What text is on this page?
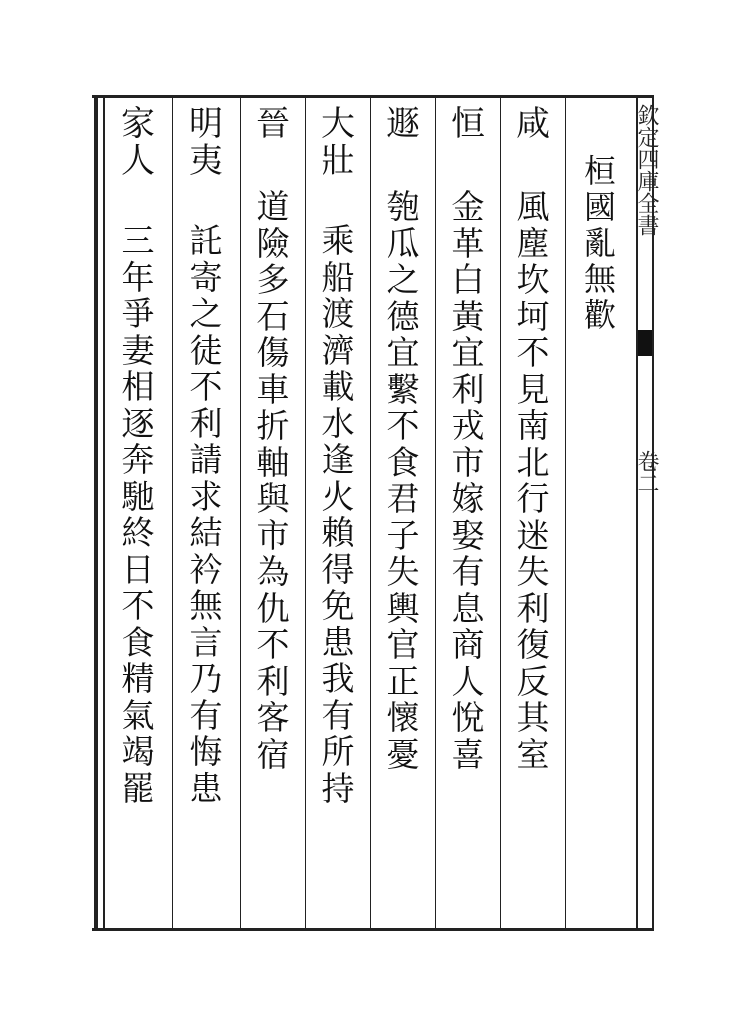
欽定四庫全書
卷二
桓
國
亂
無
歡
咸
風
塵
坎
坷
不
見
南
北
行
迷
失
利
復
反
其
室
恒
金
革
白
黃
宜
利
戎
市
嫁
娶
有
息
商
人
悅
喜
遯
匏
瓜
之
德
宜
繫
不
食
君
子
失
輿
官
正
懷
憂
大
壯
乘
船
渡
濟
載
水
逢
火
賴
得
免
患
我
有
所
持
晉
道
險
多
石
傷
車
折
軸
與
市
為
仇
不
利
客
宿
明
夷
託
寄
之
徒
不
利
請
求
結
衿
無
言
乃
有
悔
患
家
人
三
年
爭
妻
相
逐
奔
馳
終
日
不
食
精
氣
竭
罷
